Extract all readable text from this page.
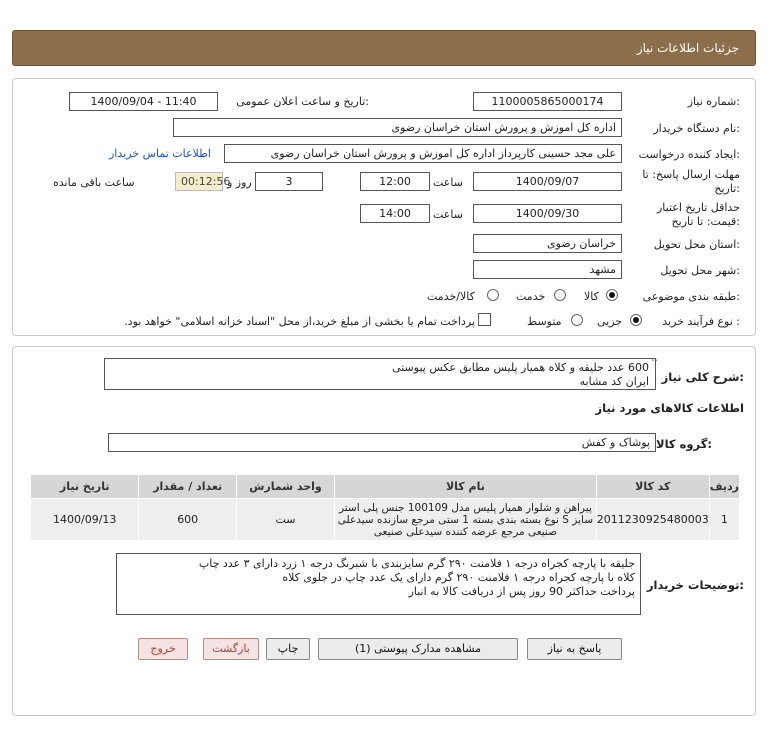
جزئیات اطلاعات نیاز
شماره نیاز:
1100005865000174
تاریخ و ساعت اعلان عمومی:
1400/09/04 - 11:40
نام دستگاه خریدار:
اداره کل اموزش و پرورش استان خراسان رضوی
ایجاد کننده درخواست:
علی مجد حسینی کارپرداز اداره کل اموزش و پرورش استان خراسان رضوی
اطلاعات تماس خریدار
مهلت ارسال پاسخ: تا
تاریخ:
1400/09/07
ساعت
12:00
3
روز و
00:12:56
ساعت باقی مانده
حداقل تاریخ اعتبار
قیمت: تا تاریخ:
1400/09/30
ساعت
14:00
استان محل تحویل:
خراسان رضوی
شهر محل تحویل:
مشهد
طبقه بندی موضوعی:
کالا
خدمت
کالا/خدمت
نوع فرآیند خرید :
جزیی
متوسط
پرداخت تمام یا بخشی از مبلغ خرید،از محل "اسناد خزانه اسلامی" خواهد بود.
شرح کلی نیاز:
600 عدد جلیقه و کلاه همیار پلیس مطابق عکس پیوستی
ایران کد مشابه
˄˅
اطلاعات کالاهای مورد نیاز
گروه کالا:
پوشاک و کفش
ردیف	کد کالا	نام کالا	واحد شمارش	تعداد / مقدار	تاریخ نیاز
1	2011230925480003	پیراهن و شلوار همیار پلیس مدل 100109 جنس پلی استر
سایز S نوع بسته بندی بسته 1 ستی مرجع سازنده سیدعلی
صنیعی مرجع عرضه کننده سیدعلی صنیعی	ست	600	1400/09/13
توضیحات خریدار:
جلیقه با پارچه کجراه درجه ۱ فلامنت ۲۹۰ گرم سایزبندی با شبرنگ درجه ۱ زرد دارای ۳ عدد چاپ
کلاه با پارچه کجراه درجه ۱ فلامنت ۲۹۰ گرم دارای یک عدد چاپ در جلوی کلاه
پرداخت حداکثر 90 روز پس از دریافت کالا به انبار
پاسخ به نیاز
مشاهده مدارک پیوستی (1)
چاپ
بازگشت
خروج
